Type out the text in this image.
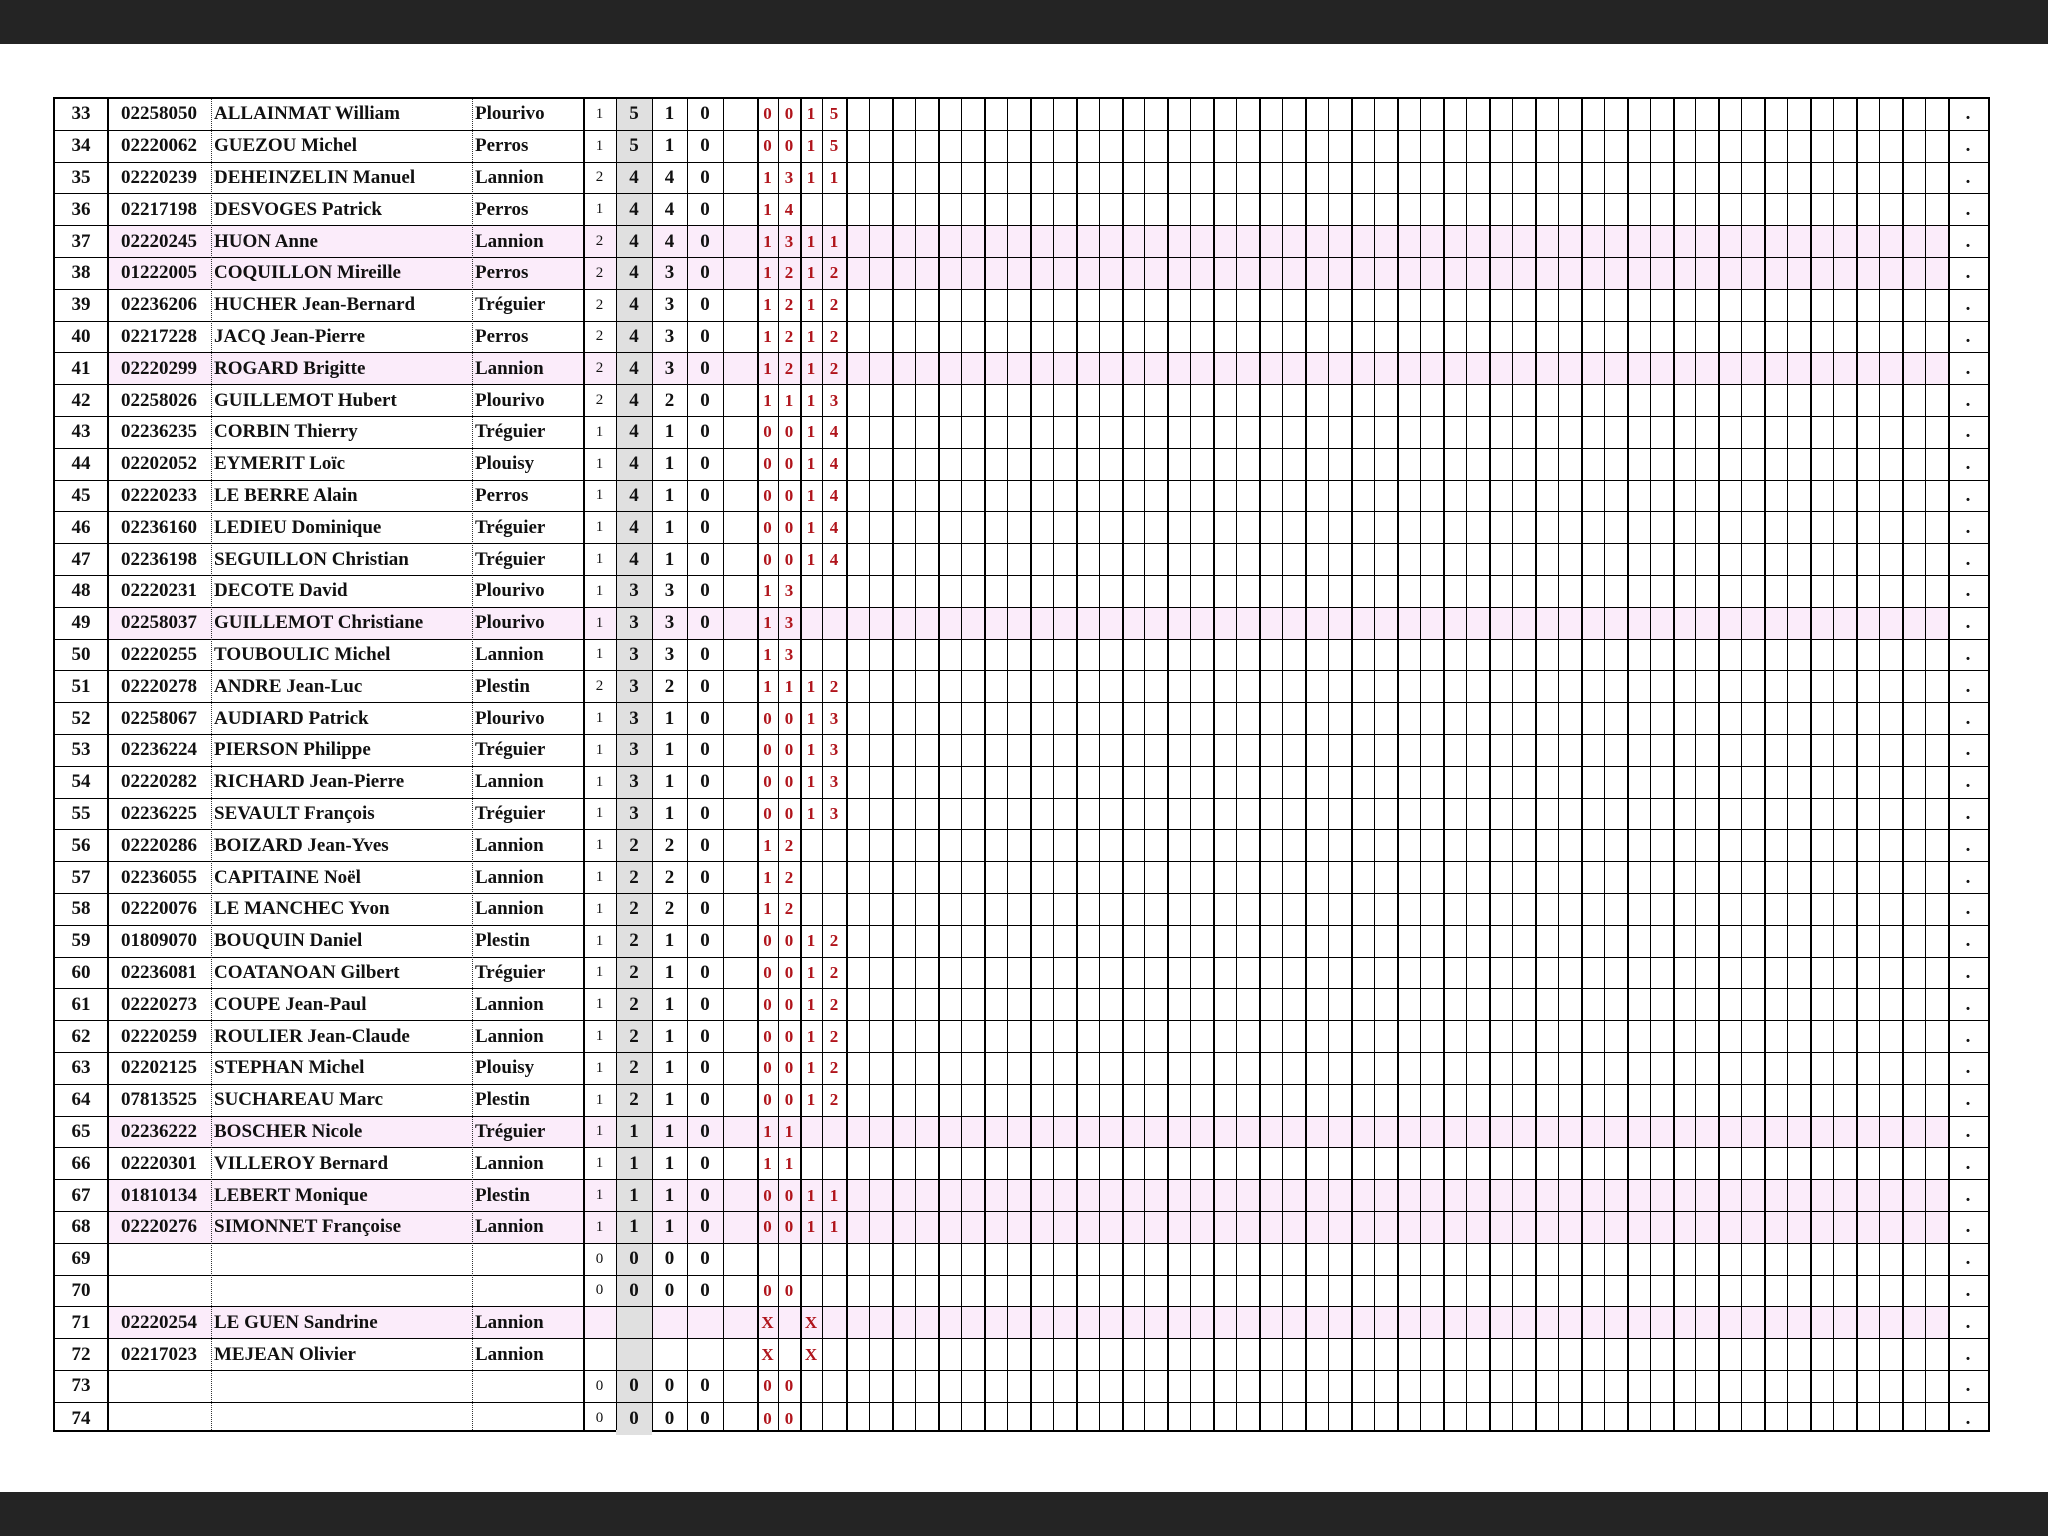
33	02258050 ALLAINMAT William	Plourivo	1	5	1	0	0 0 1 5	.
34	02220062 GUEZOU Michel	Perros	1	5	1	0	0 0 1 5	.
35	02220239 DEHEINZELIN Manuel	Lannion	2	4	4	0	1 3 1 1	.
36	02217198 DESVOGES Patrick	Perros	1	4	4	0	1 4	.
37	02220245 HUON Anne	Lannion	2	4	4	0	1 3 1 1	.
38	01222005 COQUILLON Mireille	Perros	2	4	3	0	1 2 1 2	.
39	02236206 HUCHER Jean-Bernard	Tréguier	2	4	3	0	1 2 1 2	.
40	02217228 JACQ Jean-Pierre	Perros	2	4	3	0	1 2 1 2	.
41	02220299 ROGARD Brigitte	Lannion	2	4	3	0	1 2 1 2	.
42	02258026 GUILLEMOT Hubert	Plourivo	2	4	2	0	1 1 1 3	.
43	02236235 CORBIN Thierry	Tréguier	1	4	1	0	0 0 1 4	.
44	02202052 EYMERIT Loïc	Plouisy	1	4	1	0	0 0 1 4	.
45	02220233 LE BERRE Alain	Perros	1	4	1	0	0 0 1 4	.
46	02236160 LEDIEU Dominique	Tréguier	1	4	1	0	0 0 1 4	.
47	02236198 SEGUILLON Christian	Tréguier	1	4	1	0	0 0 1 4	.
48	02220231 DECOTE David	Plourivo	1	3	3	0	1 3	.
49	02258037 GUILLEMOT Christiane	Plourivo	1	3	3	0	1 3	.
50	02220255 TOUBOULIC Michel	Lannion	1	3	3	0	1 3	.
51	02220278 ANDRE Jean-Luc	Plestin	2	3	2	0	1 1 1 2	.
52	02258067 AUDIARD Patrick	Plourivo	1	3	1	0	0 0 1 3	.
53	02236224 PIERSON Philippe	Tréguier	1	3	1	0	0 0 1 3	.
54	02220282 RICHARD Jean-Pierre	Lannion	1	3	1	0	0 0 1 3	.
55	02236225 SEVAULT François	Tréguier	1	3	1	0	0 0 1 3	.
56	02220286 BOIZARD Jean-Yves	Lannion	1	2	2	0	1 2	.
57	02236055 CAPITAINE Noël	Lannion	1	2	2	0	1 2	.
58	02220076 LE MANCHEC Yvon	Lannion	1	2	2	0	1 2	.
59	01809070 BOUQUIN Daniel	Plestin	1	2	1	0	0 0 1 2	.
60	02236081 COATANOAN Gilbert	Tréguier	1	2	1	0	0 0 1 2	.
61	02220273 COUPE Jean-Paul	Lannion	1	2	1	0	0 0 1 2	.
62	02220259 ROULIER Jean-Claude	Lannion	1	2	1	0	0 0 1 2	.
63	02202125 STEPHAN Michel	Plouisy	1	2	1	0	0 0 1 2	.
64	07813525 SUCHAREAU Marc	Plestin	1	2	1	0	0 0 1 2	.
65	02236222 BOSCHER Nicole	Tréguier	1	1	1	0	1 1	.
66	02220301 VILLEROY Bernard	Lannion	1	1	1	0	1 1	.
67	01810134 LEBERT Monique	Plestin	1	1	1	0	0 0 1 1	.
68	02220276 SIMONNET Françoise	Lannion	1	1	1	0	0 0 1 1	.
69	0	0	0	0	.
70	0	0	0	0	0 0	.
71	02220254 LE GUEN Sandrine	Lannion	X X	.
72	02217023 MEJEAN Olivier	Lannion	X X	.
73	0	0	0	0	0 0	.
74	0	0	0	0	0 0	.
